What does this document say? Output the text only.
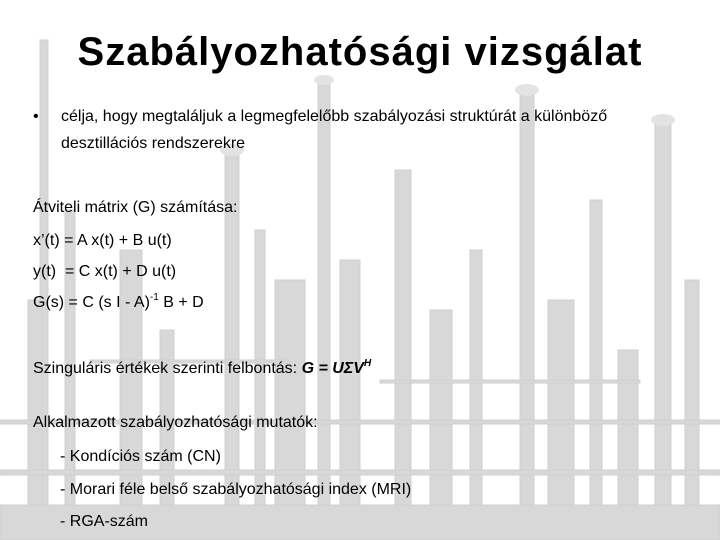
Szabályozhatósági vizsgálat
• célja, hogy megtaláljuk a legmegfelelőbb szabályozási struktúrát a különböző
desztillációs rendszerekre
Átviteli mátrix (G) számítása:
x’(t) = A x(t) + B u(t)
y(t)  = C x(t) + D u(t)
G(s) = C (s I - A)$^{-1}$ B + D
Szinguláris értékek szerinti felbontás: $G = U\Sigma V^H$
Alkalmazott szabályozhatósági mutatók:
- Kondíciós szám (CN)
- Morari féle belső szabályozhatósági index (MRI)
- RGA-szám
